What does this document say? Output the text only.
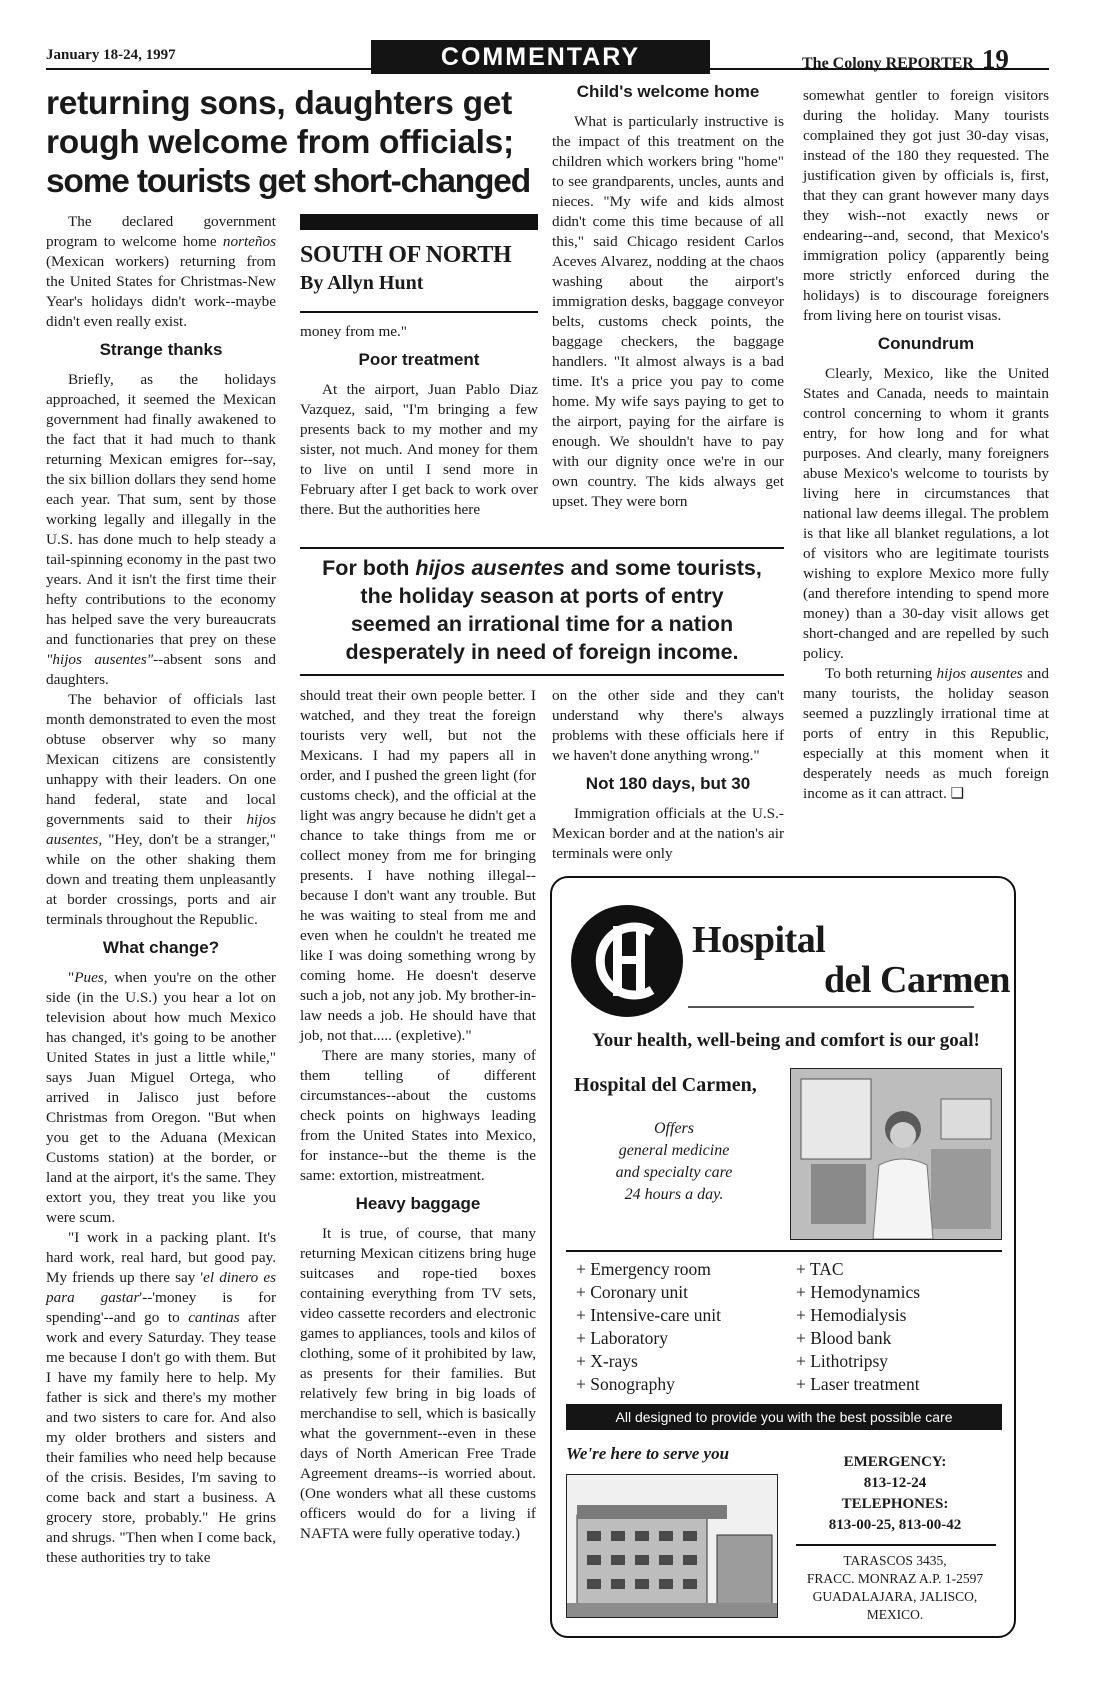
January 18-24, 1997	COMMENTARY	The Colony REPORTER 19
returning sons, daughters get
rough welcome from officials;
some tourists get short-changed

The declared government program to welcome home norteños (Mexican workers) returning from the United States for Christmas-New Year's holidays didn't work--maybe didn't even really exist.

Strange thanks

Briefly, as the holidays approached, it seemed the Mexican government had finally awakened to the fact that it had much to thank returning Mexican emigres for--say, the six billion dollars they send home each year. That sum, sent by those working legally and illegally in the U.S. has done much to help steady a tail-spinning economy in the past two years. And it isn't the first time their hefty contributions to the economy has helped save the very bureaucrats and functionaries that prey on these "hijos ausentes"--absent sons and daughters.

The behavior of officials last month demonstrated to even the most obtuse observer why so many Mexican citizens are consistently unhappy with their leaders. On one hand federal, state and local governments said to their hijos ausentes, "Hey, don't be a stranger," while on the other shaking them down and treating them unpleasantly at border crossings, ports and air terminals throughout the Republic.

What change?

"Pues, when you're on the other side (in the U.S.) you hear a lot on television about how much Mexico has changed, it's going to be another United States in just a little while," says Juan Miguel Ortega, who arrived in Jalisco just before Christmas from Oregon. "But when you get to the Aduana (Mexican Customs station) at the border, or land at the airport, it's the same. They extort you, they treat you like you were scum.

"I work in a packing plant. It's hard work, real hard, but good pay. My friends up there say 'el dinero es para gastar'--'money is for spending'--and go to cantinas after work and every Saturday. They tease me because I don't go with them. But I have my family here to help. My father is sick and there's my mother and two sisters to care for. And also my older brothers and sisters and their families who need help because of the crisis. Besides, I'm saving to come back and start a business. A grocery store, probably." He grins and shrugs. "Then when I come back, these authorities try to take

SOUTH OF NORTH
By Allyn Hunt

money from me."

Poor treatment

At the airport, Juan Pablo Diaz Vazquez, said, "I'm bringing a few presents back to my mother and my sister, not much. And money for them to live on until I send more in February after I get back to work over there. But the authorities here

Child's welcome home

What is particularly instructive is the impact of this treatment on the children which workers bring "home" to see grandparents, uncles, aunts and nieces. "My wife and kids almost didn't come this time because of all this," said Chicago resident Carlos Aceves Alvarez, nodding at the chaos washing about the airport's immigration desks, baggage conveyor belts, customs check points, the baggage checkers, the baggage handlers. "It almost always is a bad time. It's a price you pay to come home. My wife says paying to get to the airport, paying for the airfare is enough. We shouldn't have to pay with our dignity once we're in our own country. The kids always get upset. They were born

somewhat gentler to foreign visitors during the holiday. Many tourists complained they got just 30-day visas, instead of the 180 they requested. The justification given by officials is, first, that they can grant however many days they wish--not exactly news or endearing--and, second, that Mexico's immigration policy (apparently being more strictly enforced during the holidays) is to discourage foreigners from living here on tourist visas.

Conundrum

Clearly, Mexico, like the United States and Canada, needs to maintain control concerning to whom it grants entry, for how long and for what purposes. And clearly, many foreigners abuse Mexico's welcome to tourists by living here in circumstances that national law deems illegal. The problem is that like all blanket regulations, a lot of visitors who are legitimate tourists wishing to explore Mexico more fully (and therefore intending to spend more money) than a 30-day visit allows get short-changed and are repelled by such policy.

To both returning hijos ausentes and many tourists, the holiday season seemed a puzzlingly irrational time at ports of entry in this Republic, especially at this moment when it desperately needs as much foreign income as it can attract. ❑

For both hijos ausentes and some tourists,
the holiday season at ports of entry
seemed an irrational time for a nation
desperately in need of foreign income.

should treat their own people better. I watched, and they treat the foreign tourists very well, but not the Mexicans. I had my papers all in order, and I pushed the green light (for customs check), and the official at the light was angry because he didn't get a chance to take things from me or collect money from me for bringing presents. I have nothing illegal--because I don't want any trouble. But he was waiting to steal from me and even when he couldn't he treated me like I was doing something wrong by coming home. He doesn't deserve such a job, not any job. My brother-in-law needs a job. He should have that job, not that..... (expletive)."

There are many stories, many of them telling of different circumstances--about the customs check points on highways leading from the United States into Mexico, for instance--but the theme is the same: extortion, mistreatment.

Heavy baggage

It is true, of course, that many returning Mexican citizens bring huge suitcases and rope-tied boxes containing everything from TV sets, video cassette recorders and electronic games to appliances, tools and kilos of clothing, some of it prohibited by law, as presents for their families. But relatively few bring in big loads of merchandise to sell, which is basically what the government--even in these days of North American Free Trade Agreement dreams--is worried about. (One wonders what all these customs officers would do for a living if NAFTA were fully operative today.)

on the other side and they can't understand why there's always problems with these officials here if we haven't done anything wrong."

Not 180 days, but 30

Immigration officials at the U.S.-Mexican border and at the nation's air terminals were only

Hospital
del Carmen
Your health, well-being and comfort is our goal!
Hospital del Carmen,
Offers
general medicine
and specialty care
24 hours a day.
+ Emergency room
+ Coronary unit
+ Intensive-care unit
+ Laboratory
+ X-rays
+ Sonography
+ TAC
+ Hemodynamics
+ Hemodialysis
+ Blood bank
+ Lithotripsy
+ Laser treatment
All designed to provide you with the best possible care
We're here to serve you	EMERGENCY:
813-12-24
TELEPHONES:
813-00-25, 813-00-42
TARASCOS 3435,
FRACC. MONRAZ A.P. 1-2597
GUADALAJARA, JALISCO,
MEXICO.
